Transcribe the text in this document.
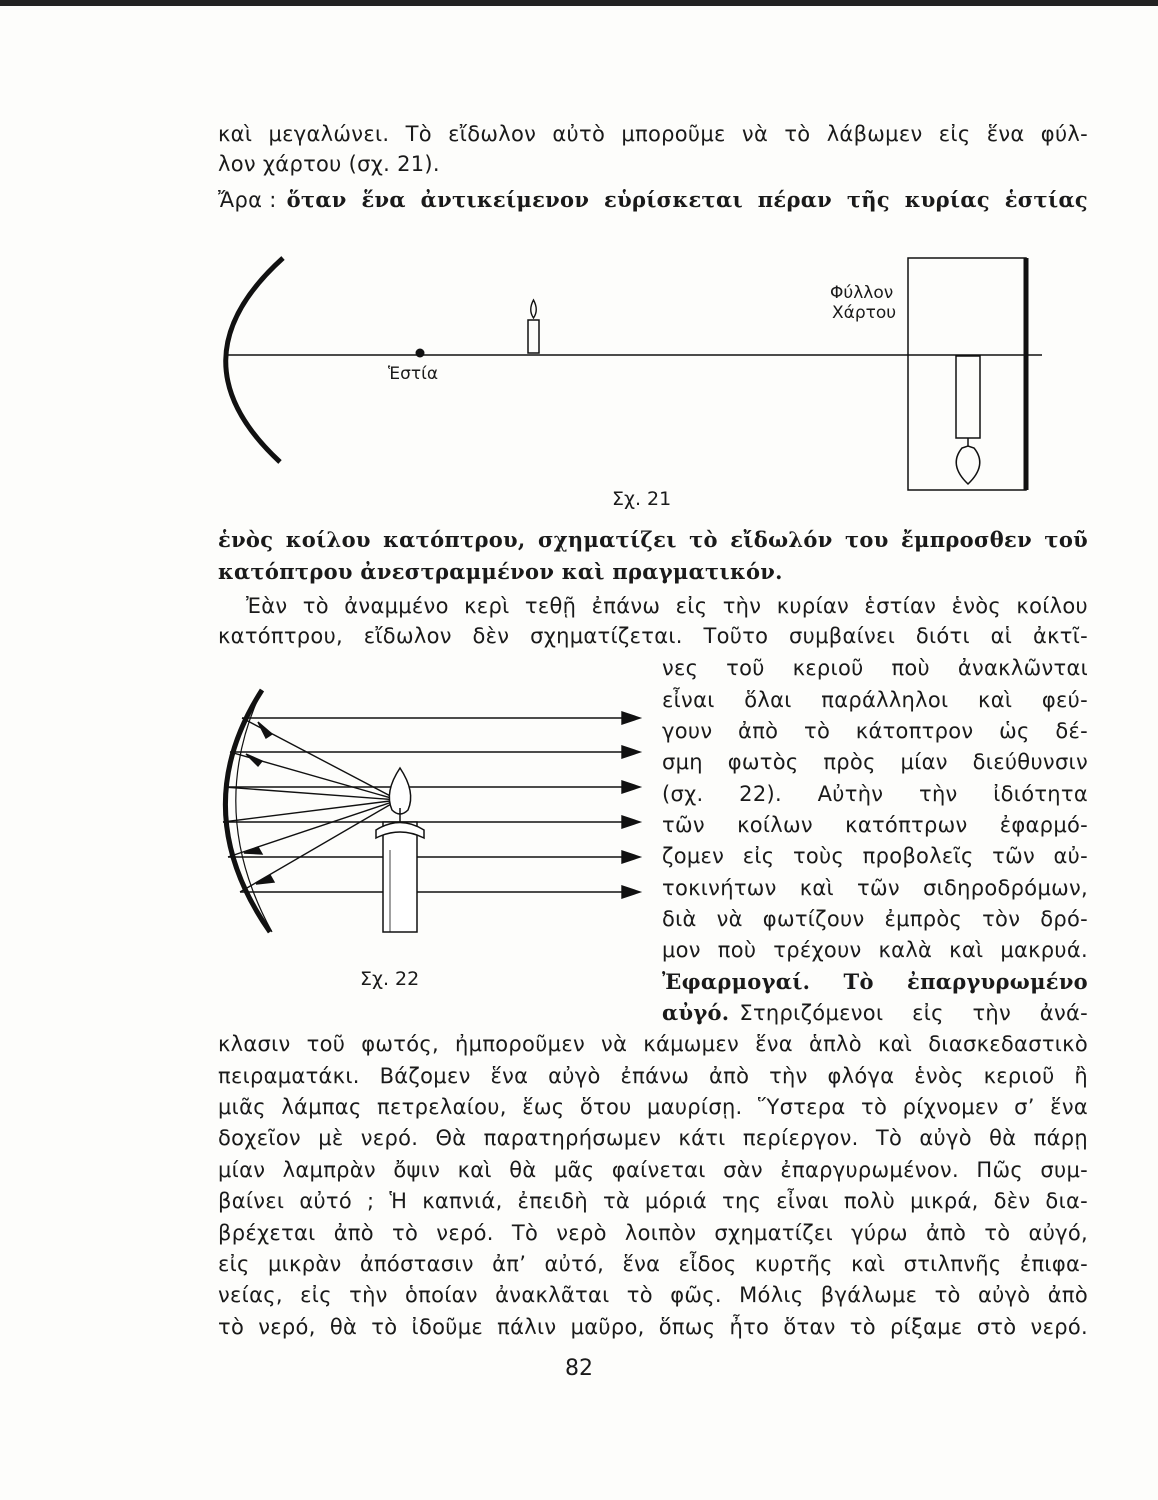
καὶ μεγαλώνει. Τὸ εἴδωλον αὐτὸ μποροῦμε νὰ τὸ λάβωμεν εἰς ἕνα φύλ-
λον χάρτου (σχ. 21).
Ἄρα : ὅταν ἕνα ἀντικείμενον εὑρίσκεται πέραν τῆς κυρίας ἑστίας
Φύλλον
Χάρτου
Ἑστία
Σχ. 21
ἑνὸς κοίλου κατόπτρου, σχηματίζει τὸ εἴδωλόν του ἔμπροσθεν τοῦ
κατόπτρου ἀνεστραμμένον καὶ πραγματικόν.
Ἐὰν τὸ ἀναμμένο κερὶ τεθῇ ἐπάνω εἰς τὴν κυρίαν ἑστίαν ἑνὸς κοίλου
κατόπτρου, εἴδωλον δὲν σχηματίζεται. Τοῦτο συμβαίνει διότι αἱ ἀκτῖ-
νες τοῦ κεριοῦ ποὺ ἀνακλῶνται
εἶναι ὅλαι παράλληλοι καὶ φεύ-
γουν ἀπὸ τὸ κάτοπτρον ὡς δέ-
σμη φωτὸς πρὸς μίαν διεύθυνσιν
(σχ. 22). Αὐτὴν τὴν ἰδιότητα
τῶν κοίλων κατόπτρων ἐφαρμό-
ζομεν εἰς τοὺς προβολεῖς τῶν αὐ-
τοκινήτων καὶ τῶν σιδηροδρόμων,
διὰ νὰ φωτίζουν ἐμπρὸς τὸν δρό-
μον ποὺ τρέχουν καλὰ καὶ μακρυά.
Ἐφαρμογαί. Τὸ ἐπαργυρωμένο
αὐγό. Στηριζόμενοι εἰς τὴν ἀνά-
Σχ. 22
κλασιν τοῦ φωτός, ἠμποροῦμεν νὰ κάμωμεν ἕνα ἁπλὸ καὶ διασκεδαστικὸ
πειραματάκι. Βάζομεν ἕνα αὐγὸ ἐπάνω ἀπὸ τὴν φλόγα ἑνὸς κεριοῦ ἢ
μιᾶς λάμπας πετρελαίου, ἕως ὅτου μαυρίσῃ. Ὕστερα τὸ ρίχνομεν σ’ ἕνα
δοχεῖον μὲ νερό. Θὰ παρατηρήσωμεν κάτι περίεργον. Τὸ αὐγὸ θὰ πάρῃ
μίαν λαμπρὰν ὄψιν καὶ θὰ μᾶς φαίνεται σὰν ἐπαργυρωμένον. Πῶς συμ-
βαίνει αὐτό ; Ἡ καπνιά, ἐπειδὴ τὰ μόριά της εἶναι πολὺ μικρά, δὲν δια-
βρέχεται ἀπὸ τὸ νερό. Τὸ νερὸ λοιπὸν σχηματίζει γύρω ἀπὸ τὸ αὐγό,
εἰς μικρὰν ἀπόστασιν ἀπ’ αὐτό, ἕνα εἶδος κυρτῆς καὶ στιλπνῆς ἐπιφα-
νείας, εἰς τὴν ὁποίαν ἀνακλᾶται τὸ φῶς. Μόλις βγάλωμε τὸ αὐγὸ ἀπὸ
τὸ νερό, θὰ τὸ ἰδοῦμε πάλιν μαῦρο, ὅπως ἦτο ὅταν τὸ ρίξαμε στὸ νερό.
82
